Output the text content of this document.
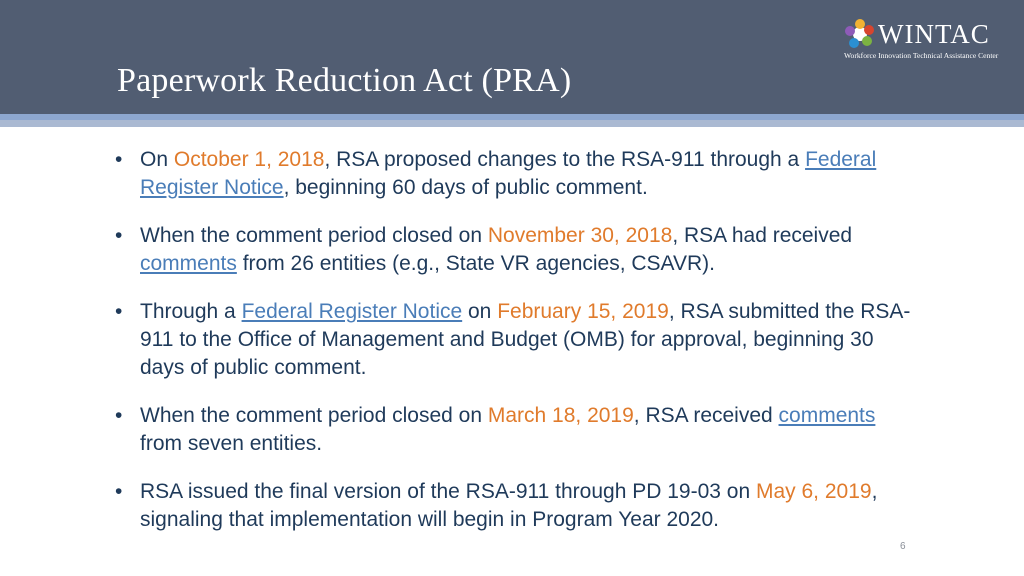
Paperwork Reduction Act (PRA)
WINTAC
Workforce Innovation Technical Assistance Center
• On October 1, 2018, RSA proposed changes to the RSA-911 through a Federal Register Notice, beginning 60 days of public comment.
• When the comment period closed on November 30, 2018, RSA had received comments from 26 entities (e.g., State VR agencies, CSAVR).
• Through a Federal Register Notice on February 15, 2019, RSA submitted the RSA-911 to the Office of Management and Budget (OMB) for approval, beginning 30 days of public comment.
• When the comment period closed on March 18, 2019, RSA received comments from seven entities.
• RSA issued the final version of the RSA-911 through PD 19-03 on May 6, 2019, signaling that implementation will begin in Program Year 2020.
6
